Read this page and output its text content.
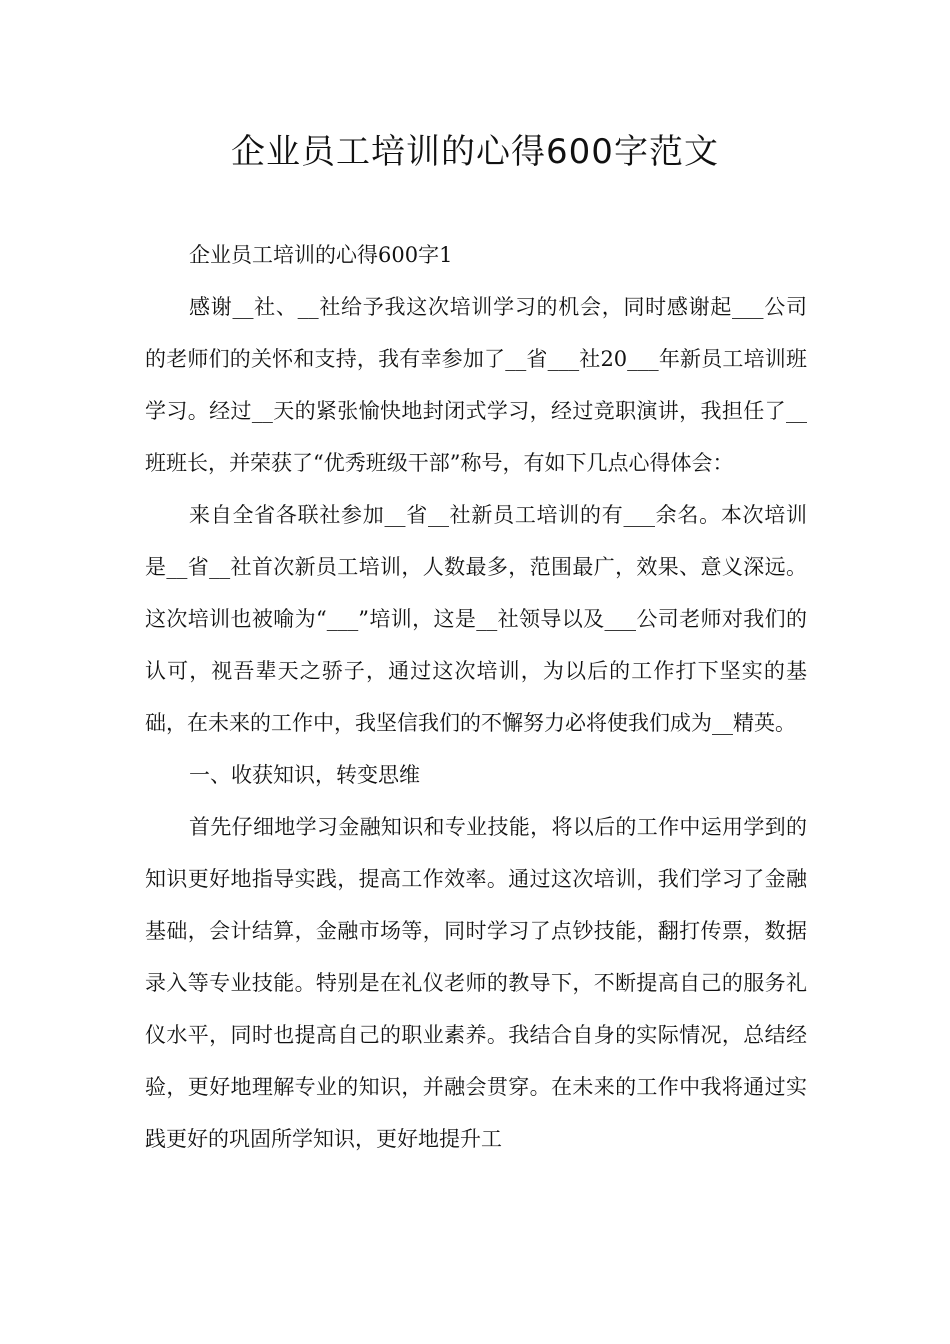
企业员工培训的心得600字范文

企业员工培训的心得600字1

感谢__社、__社给予我这次培训学习的机会，同时感谢起___公司的老师们的关怀和支持，我有幸参加了__省___社20___年新员工培训班学习。经过__天的紧张愉快地封闭式学习，经过竞职演讲，我担任了__班班长，并荣获了“优秀班级干部”称号，有如下几点心得体会：

来自全省各联社参加__省__社新员工培训的有___余名。本次培训是__省__社首次新员工培训，人数最多，范围最广，效果、意义深远。这次培训也被喻为“___”培训，这是__社领导以及___公司老师对我们的认可，视吾辈天之骄子，通过这次培训，为以后的工作打下坚实的基础，在未来的工作中，我坚信我们的不懈努力必将使我们成为__精英。

一、收获知识，转变思维

首先仔细地学习金融知识和专业技能，将以后的工作中运用学到的知识更好地指导实践，提高工作效率。通过这次培训，我们学习了金融基础，会计结算，金融市场等，同时学习了点钞技能，翻打传票，数据录入等专业技能。特别是在礼仪老师的教导下，不断提高自己的服务礼仪水平，同时也提高自己的职业素养。我结合自身的实际情况，总结经验，更好地理解专业的知识，并融会贯穿。在未来的工作中我将通过实践更好的巩固所学知识，更好地提升工
